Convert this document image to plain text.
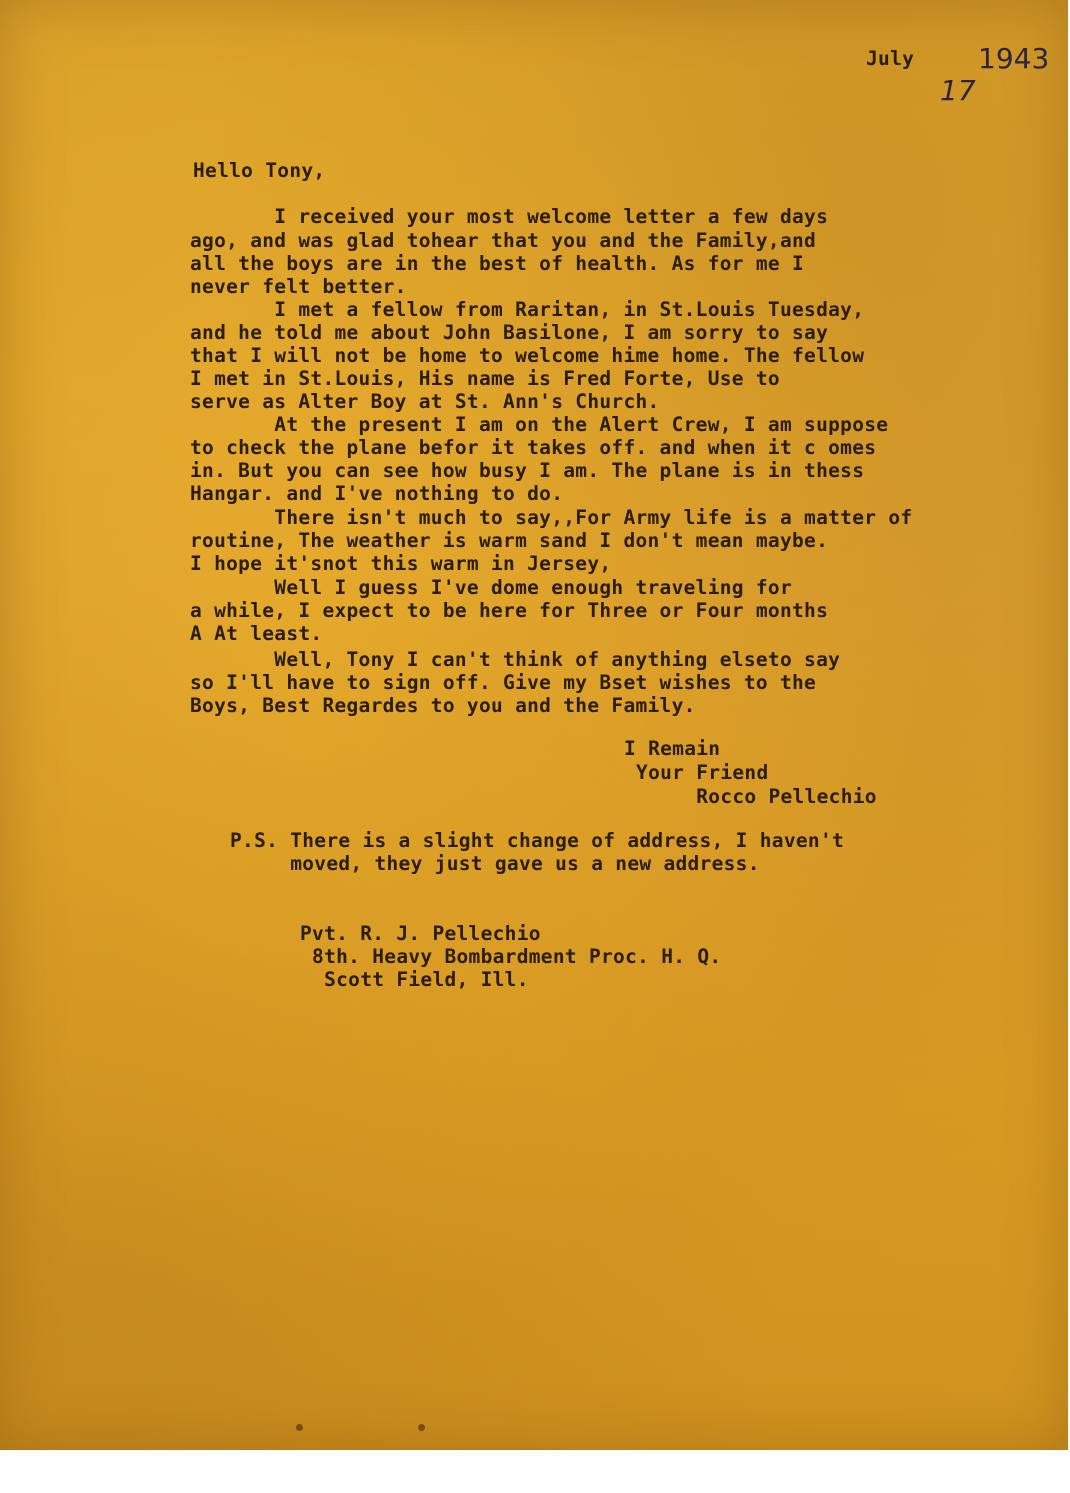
July 1943
17
Hello Tony,
I received your most welcome letter a few days
ago, and was glad tohear that you and the Family,and
all the boys are in the best of health. As for me I
never felt better.
I met a fellow from Raritan, in St.Louis Tuesday,
and he told me about John Basilone, I am sorry to say
that I will not be home to welcome hime home. The fellow
I met in St.Louis, His name is Fred Forte, Use to
serve as Alter Boy at St. Ann's Church.
At the present I am on the Alert Crew, I am suppose
to check the plane befor it takes off. and when it c omes
in. But you can see how busy I am. The plane is in thess
Hangar. and I've nothing to do.
There isn't much to say,,For Army life is a matter of
routine, The weather is warm sand I don't mean maybe.
I hope it'snot this warm in Jersey,
Well I guess I've dome enough traveling for
a while, I expect to be here for Three or Four months
A At least.
Well, Tony I can't think of anything elseto say
so I'll have to sign off. Give my Bset wishes to the
Boys, Best Regardes to you and the Family.
I Remain
Your Friend
Rocco Pellechio
P.S. There is a slight change of address, I haven't
moved, they just gave us a new address.
Pvt. R. J. Pellechio
8th. Heavy Bombardment Proc. H. Q.
Scott Field, Ill.
